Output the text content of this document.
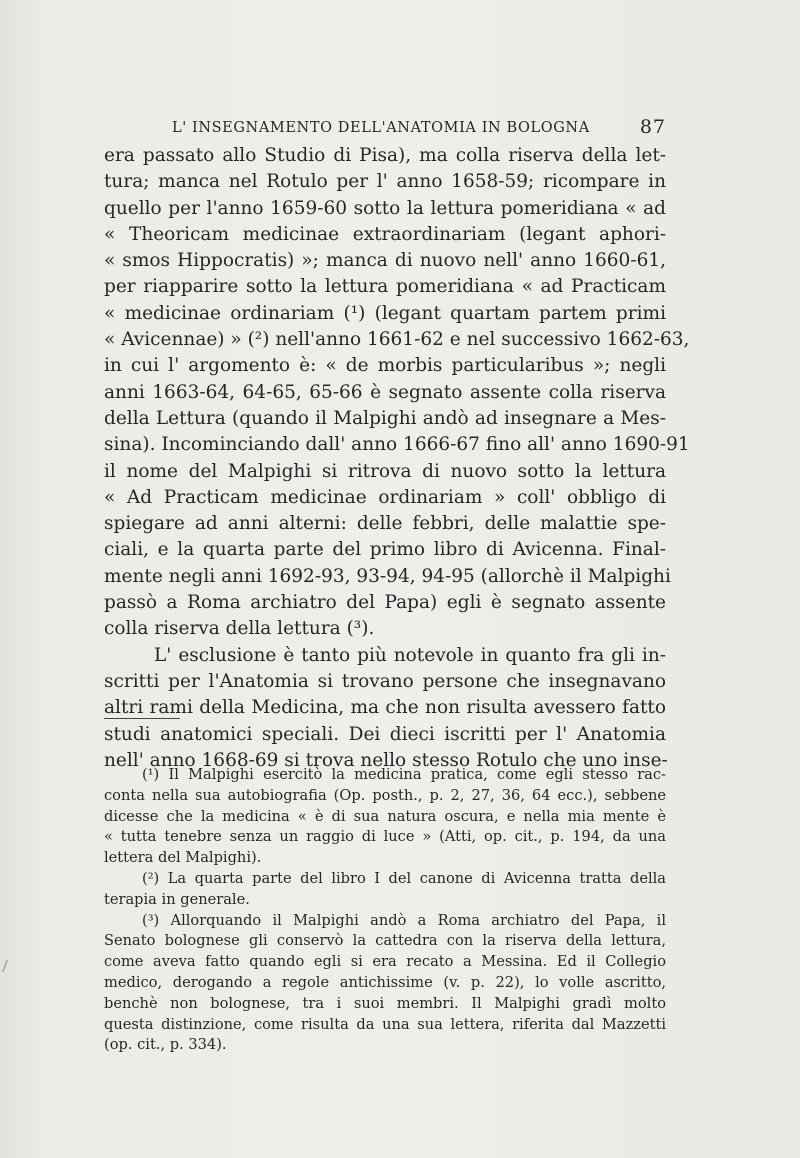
L' INSEGNAMENTO DELL'ANATOMIA IN BOLOGNA	87
era passato allo Studio di Pisa), ma colla riserva della let-
tura; manca nel Rotulo per l' anno 1658-59; ricompare in
quello per l'anno 1659-60 sotto la lettura pomeridiana « ad
« Theoricam medicinae extraordinariam (legant aphori-
« smos Hippocratis) »; manca di nuovo nell' anno 1660-61,
per riapparire sotto la lettura pomeridiana « ad Practicam
« medicinae ordinariam (¹) (legant quartam partem primi
« Avicennae) » (²) nell'anno 1661-62 e nel successivo 1662-63,
in cui l' argomento è: « de morbis particularibus »; negli
anni 1663-64, 64-65, 65-66 è segnato assente colla riserva
della Lettura (quando il Malpighi andò ad insegnare a Mes-
sina). Incominciando dall' anno 1666-67 fino all' anno 1690-91
il nome del Malpighi si ritrova di nuovo sotto la lettura
« Ad Practicam medicinae ordinariam » coll' obbligo di
spiegare ad anni alterni: delle febbri, delle malattie spe-
ciali, e la quarta parte del primo libro di Avicenna. Final-
mente negli anni 1692-93, 93-94, 94-95 (allorchè il Malpighi
passò a Roma archiatro del Papa) egli è segnato assente
colla riserva della lettura (³).
L' esclusione è tanto più notevole in quanto fra gli in-
scritti per l'Anatomia si trovano persone che insegnavano
altri rami della Medicina, ma che non risulta avessero fatto
studi anatomici speciali. Dei dieci iscritti per l' Anatomia
nell' anno 1668-69 si trova nello stesso Rotulo che uno inse-
(¹) Il Malpighi esercitò la medicina pratica, come egli stesso rac-
conta nella sua autobiografia (Op. posth., p. 2, 27, 36, 64 ecc.), sebbene
dicesse che la medicina « è di sua natura oscura, e nella mia mente è
« tutta tenebre senza un raggio di luce » (Atti, op. cit., p. 194, da una
lettera del Malpighi).
(²) La quarta parte del libro I del canone di Avicenna tratta della
terapia in generale.
(³) Allorquando il Malpighi andò a Roma archiatro del Papa, il
Senato bolognese gli conservò la cattedra con la riserva della lettura,
come aveva fatto quando egli si era recato a Messina. Ed il Collegio
medico, derogando a regole antichissime (v. p. 22), lo volle ascritto,
benchè non bolognese, tra i suoi membri. Il Malpighi gradì molto
questa distinzione, come risulta da una sua lettera, riferita dal Mazzetti
(op. cit., p. 334).
